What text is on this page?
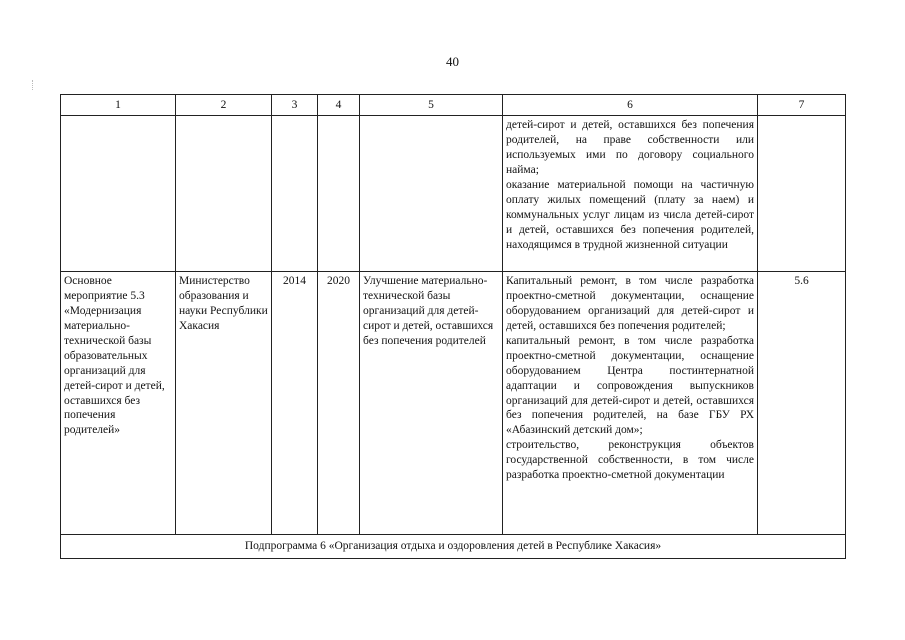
40
1	2	3	4	5	6	7

					детей-сирот и детей, оставшихся без попечения родителей, на праве собственности или используемых ими по договору социального найма;

оказание материальной помощи на частичную оплату жилых помещений (плату за наем) и коммунальных услуг лицам из числа детей-сирот и детей, оставшихся без попечения родителей, находящимся в трудной жизненной ситуации	

Основное мероприятие 5.3 «Модернизация материально-технической базы образовательных организаций для детей-сирот и детей, оставшихся без попечения родителей»	Министерство образования и науки Республики Хакасия	2014	2020	Улучшение материально-технической базы организаций для детей-сирот и детей, оставшихся без попечения родителей	Капитальный ремонт, в том числе разработка проектно-сметной документации, оснащение оборудованием организаций для детей-сирот и детей, оставшихся без попечения родителей;

капитальный ремонт, в том числе разработка проектно-сметной документации, оснащение оборудованием Центра постинтернатной адаптации и сопровождения выпускников организаций для детей-сирот и детей, оставшихся без попечения родителей, на базе ГБУ РХ «Абазинский детский дом»;

строительство, реконструкция объектов государственной собственности, в том числе разработка проектно-сметной документации	5.6
Подпрограмма 6 «Организация отдыха и оздоровления детей в Республике Хакасия»						
